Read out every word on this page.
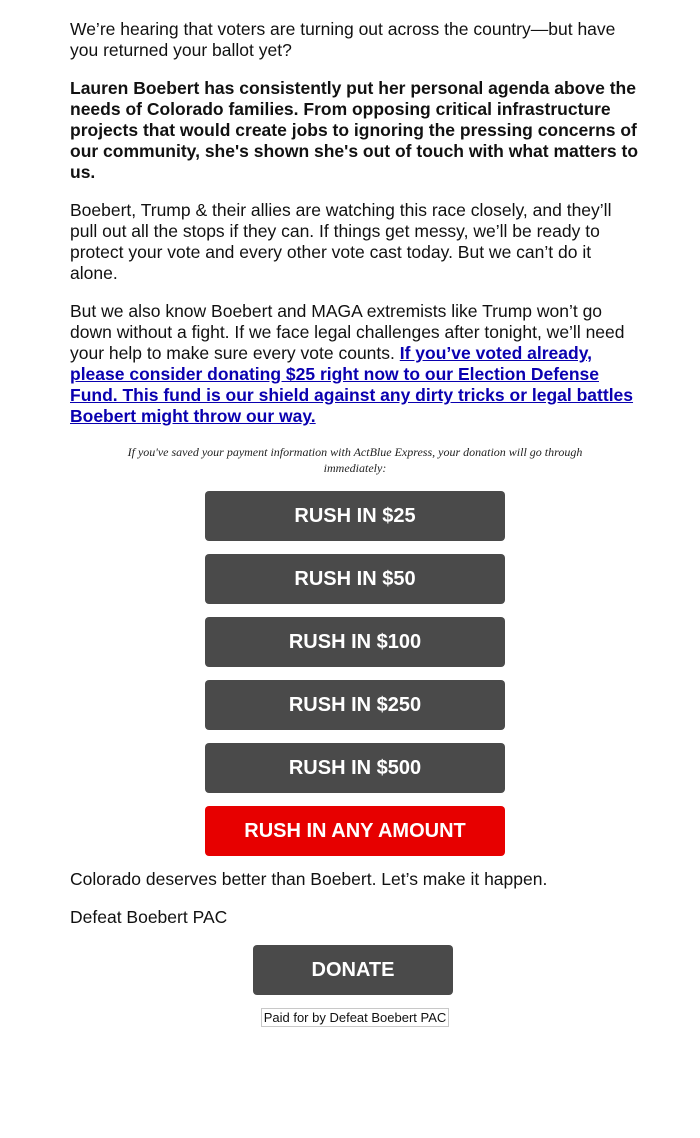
We’re hearing that voters are turning out across the country—but have you returned your ballot yet?

Lauren Boebert has consistently put her personal agenda above the needs of Colorado families. From opposing critical infrastructure projects that would create jobs to ignoring the pressing concerns of our community, she's shown she's out of touch with what matters to us.

Boebert, Trump & their allies are watching this race closely, and they’ll pull out all the stops if they can. If things get messy, we’ll be ready to protect your vote and every other vote cast today. But we can’t do it alone.

But we also know Boebert and MAGA extremists like Trump won’t go down without a fight. If we face legal challenges after tonight, we’ll need your help to make sure every vote counts. If you’ve voted already, please consider donating $25 right now to our Election Defense Fund. This fund is our shield against any dirty tricks or legal battles Boebert might throw our way.

If you've saved your payment information with ActBlue Express, your donation will go through immediately:

RUSH IN $25
RUSH IN $50
RUSH IN $100
RUSH IN $250
RUSH IN $500
RUSH IN ANY AMOUNT

Colorado deserves better than Boebert. Let’s make it happen.

Defeat Boebert PAC

DONATE
Paid for by Defeat Boebert PAC
